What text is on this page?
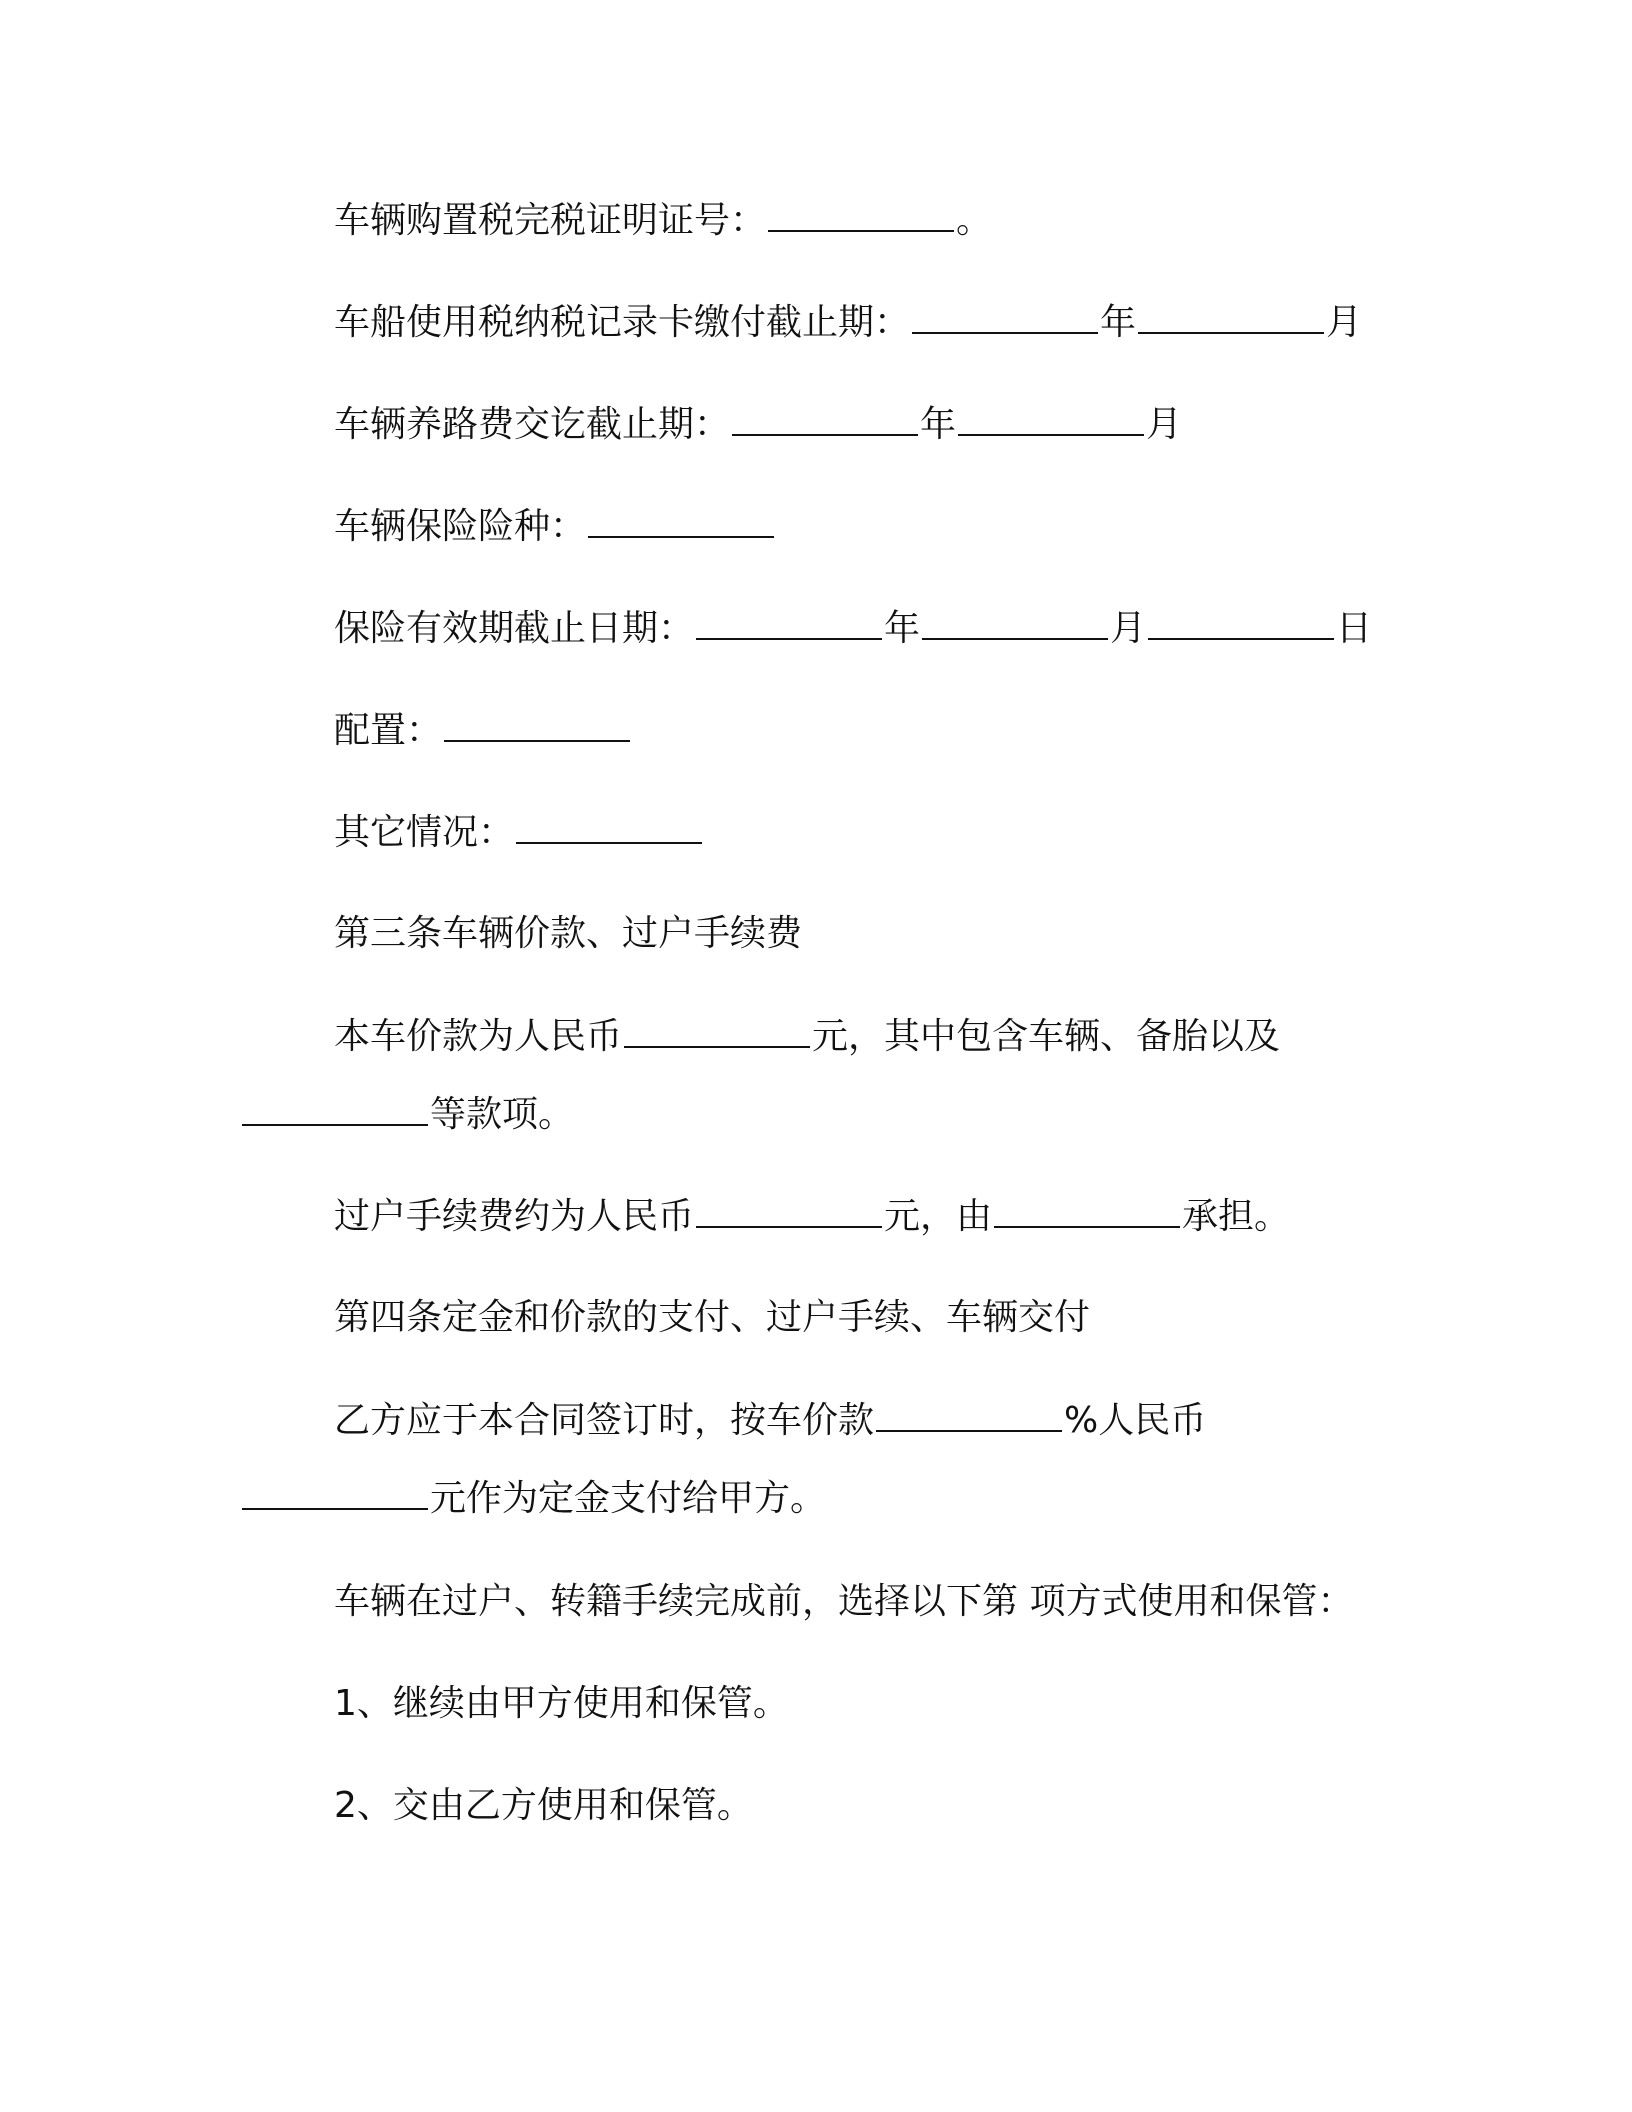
车辆购置税完税证明证号：	。
车船使用税纳税记录卡缴付截止期：	年	月
车辆养路费交讫截止期：	年	月
车辆保险险种：
保险有效期截止日期：	年	月	日
配置：
其它情况：
第三条车辆价款、过户手续费
本车价款为人民币	元，其中包含车辆、备胎以及
等款项。
过户手续费约为人民币	元，由	承担。
第四条定金和价款的支付、过户手续、车辆交付
乙方应于本合同签订时，按车价款	%人民币
元作为定金支付给甲方。
车辆在过户、转籍手续完成前，选择以下第 项方式使用和保管：
1、继续由甲方使用和保管。
2、交由乙方使用和保管。
